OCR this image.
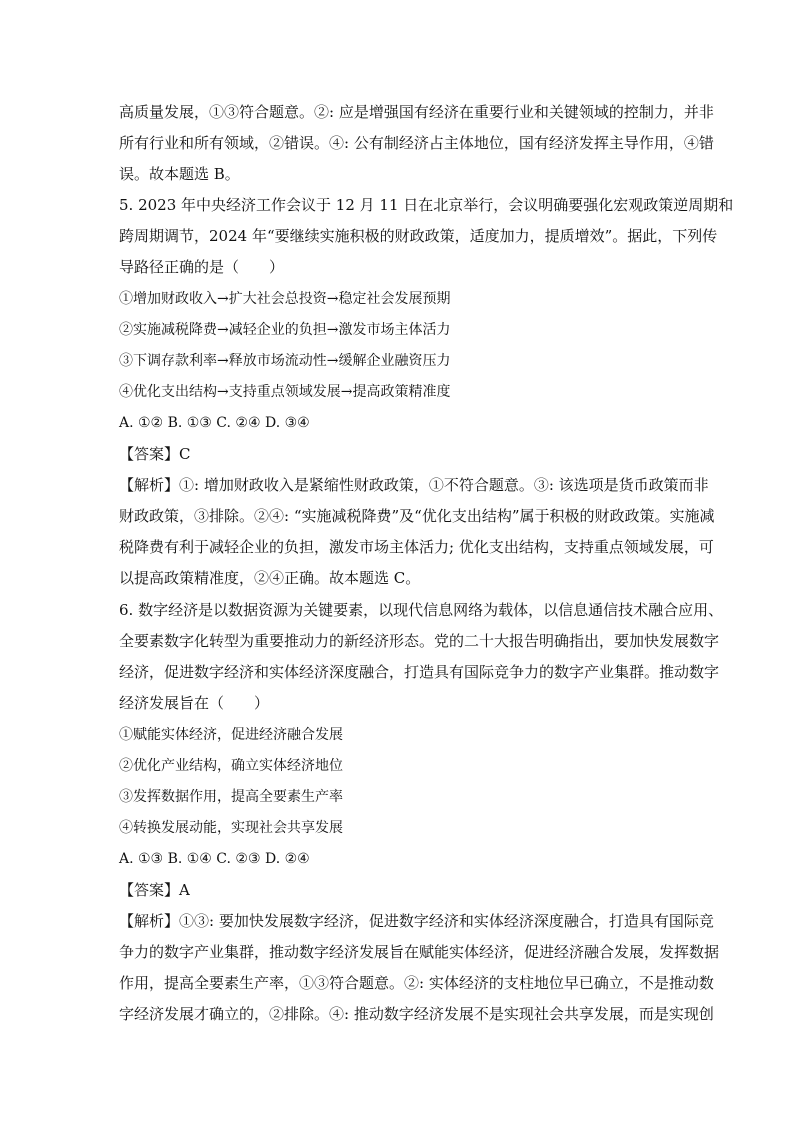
高质量发展，①③符合题意。②: 应是增强国有经济在重要行业和关键领域的控制力，并非
所有行业和所有领域，②错误。④: 公有制经济占主体地位，国有经济发挥主导作用，④错
误。故本题选 B。
5. 2023 年中央经济工作会议于 12 月 11 日在北京举行，会议明确要强化宏观政策逆周期和
跨周期调节，2024 年“要继续实施积极的财政政策，适度加力，提质增效”。据此，下列传
导路径正确的是（　　）
①增加财政收入→扩大社会总投资→稳定社会发展预期
②实施减税降费→减轻企业的负担→激发市场主体活力
③下调存款利率→释放市场流动性→缓解企业融资压力
④优化支出结构→支持重点领域发展→提高政策精准度
A. ①② B. ①③ C. ②④ D. ③④
【答案】C
【解析】①: 增加财政收入是紧缩性财政政策，①不符合题意。③: 该选项是货币政策而非
财政政策，③排除。②④: “实施减税降费”及“优化支出结构”属于积极的财政政策。实施减
税降费有利于减轻企业的负担，激发市场主体活力; 优化支出结构，支持重点领域发展，可
以提高政策精准度，②④正确。故本题选 C。
6. 数字经济是以数据资源为关键要素，以现代信息网络为载体，以信息通信技术融合应用、
全要素数字化转型为重要推动力的新经济形态。党的二十大报告明确指出，要加快发展数字
经济，促进数字经济和实体经济深度融合，打造具有国际竞争力的数字产业集群。推动数字
经济发展旨在（　　）
①赋能实体经济，促进经济融合发展
②优化产业结构，确立实体经济地位
③发挥数据作用，提高全要素生产率
④转换发展动能，实现社会共享发展
A. ①③ B. ①④ C. ②③ D. ②④
【答案】A
【解析】①③: 要加快发展数字经济，促进数字经济和实体经济深度融合，打造具有国际竞
争力的数字产业集群，推动数字经济发展旨在赋能实体经济，促进经济融合发展，发挥数据
作用，提高全要素生产率，①③符合题意。②: 实体经济的支柱地位早已确立，不是推动数
字经济发展才确立的，②排除。④: 推动数字经济发展不是实现社会共享发展，而是实现创
